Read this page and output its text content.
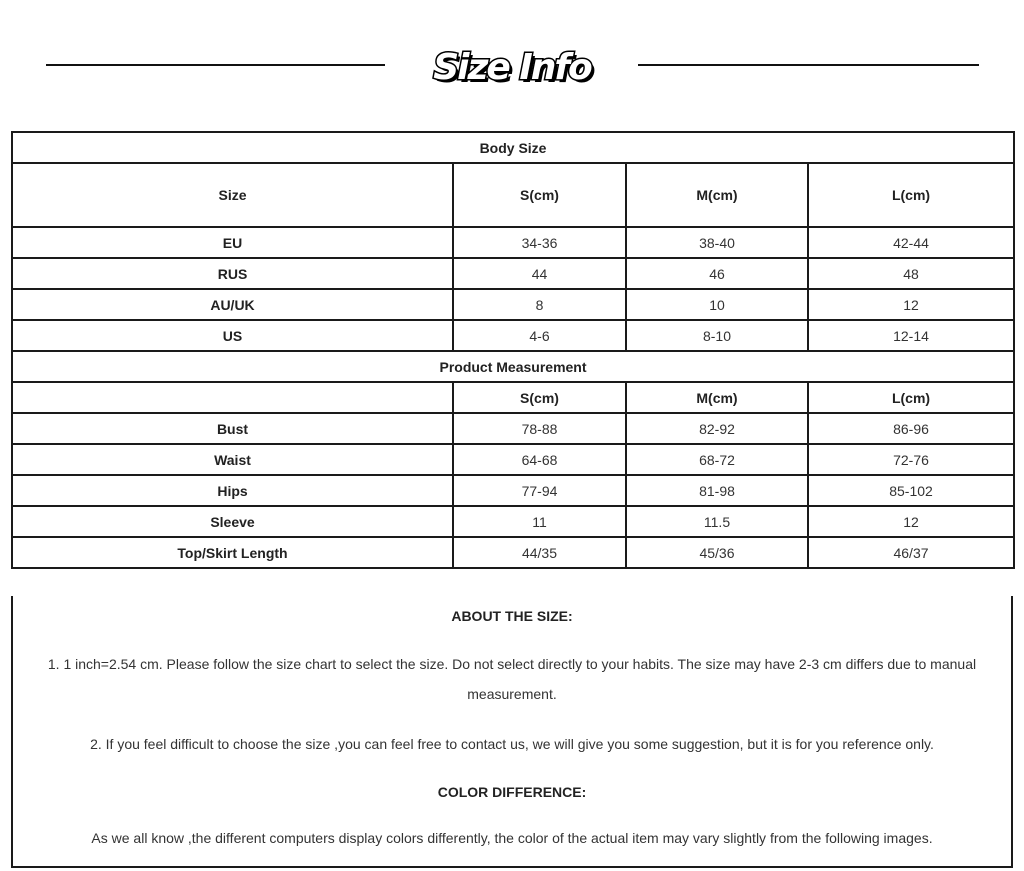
Size Info
Body Size			
Size	S(cm)	M(cm)	L(cm)
EU	34-36	38-40	42-44
RUS	44	46	48
AU/UK	8	10	12
US	4-6	8-10	12-14
Product Measurement			
	S(cm)	M(cm)	L(cm)
Bust	78-88	82-92	86-96
Waist	64-68	68-72	72-76
Hips	77-94	81-98	85-102
Sleeve	11	11.5	12
Top/Skirt Length	44/35	45/36	46/37
ABOUT THE SIZE:
1. 1 inch=2.54 cm. Please follow the size chart to select the size. Do not select directly to your habits. The size may have 2-3 cm differs due to manual
measurement.
2. If you feel difficult to choose the size ,you can feel free to contact us, we will give you some suggestion, but it is for you reference only.
COLOR DIFFERENCE:
As we all know ,the different computers display colors differently, the color of the actual item may vary slightly from the following images.
